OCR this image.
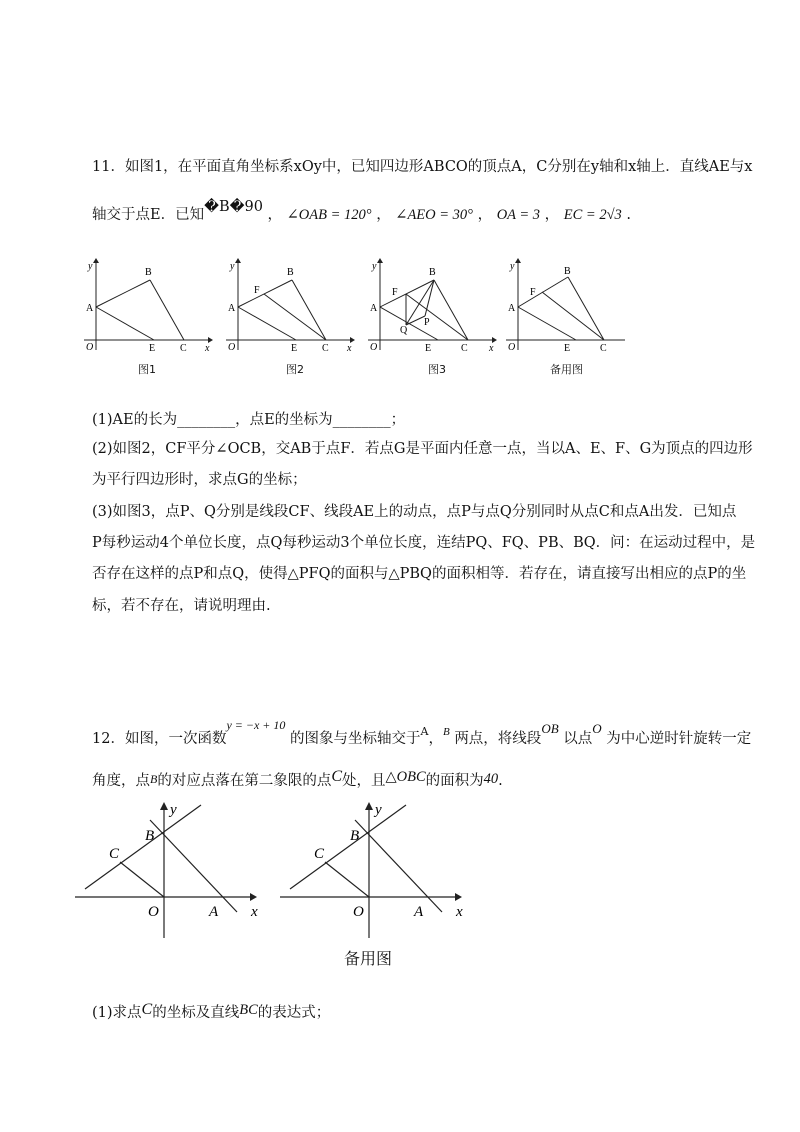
11．如图1，在平面直角坐标系xOy中，已知四边形ABCO的顶点A，C分别在y轴和x轴上．直线AE与x
轴交于点E．已知�B�90 ， ∠OAB = 120° ， ∠AEO = 30° ， OA = 3 ， EC = 2√3 .
y
x
A
B
O	E C
图1
y
x
A
B
F
O	E C
图2
y
x
A
B
F
P
Q
O	E	C
图3
y
A
B
F
O	E	C
备用图
(1)AE的长为________，点E的坐标为________；
(2)如图2，CF平分∠OCB，交AB于点F．若点G是平面内任意一点，当以A、E、F、G为顶点的四边形
为平行四边形时，求点G的坐标；
(3)如图3，点P、Q分别是线段CF、线段AE上的动点，点P与点Q分别同时从点C和点A出发．已知点
P每秒运动4个单位长度，点Q每秒运动3个单位长度，连结PQ、FQ、PB、BQ．问：在运动过程中，是
否存在这样的点P和点Q，使得△PFQ的面积与△PBQ的面积相等．若存在，请直接写出相应的点P的坐
标，若不存在，请说明理由.
12．如图，一次函数$^{y = -x + 10}$ 的图象与坐标轴交于$^A$，$^B$ 两点，将线段OB 以点O 为中心逆时针旋转一定
角度，点B的对应点落在第二象限的点C处，且△OBC的面积为40.
y
x
B
C
O	A
y
x
B
C
O	A
备用图
(1)求点C的坐标及直线BC的表达式；
